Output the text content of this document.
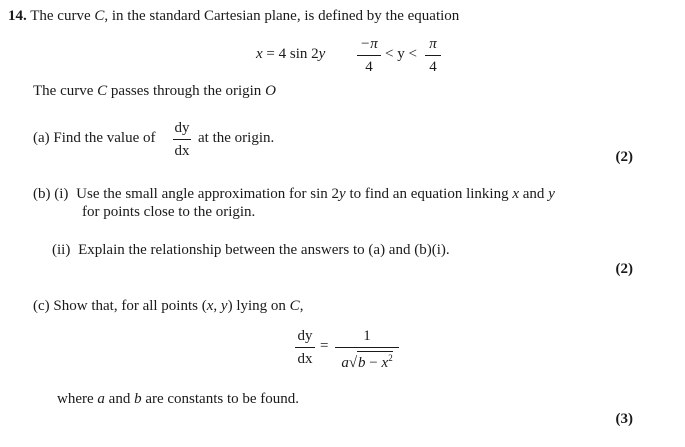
14. The curve C, in the standard Cartesian plane, is defined by the equation
x = 4 sin 2y
−π
4
< y <
π
4
The curve C passes through the origin O
(a) Find the value of
dy
dx
at the origin.
(2)
(b) (i) Use the small angle approximation for sin 2y to find an equation linking x and y
for points close to the origin.
(ii) Explain the relationship between the answers to (a) and (b)(i).
(2)
(c) Show that, for all points (x, y) lying on C,
dy
dx
=
1
$a√b - x^2$
where a and b are constants to be found.
(3)
